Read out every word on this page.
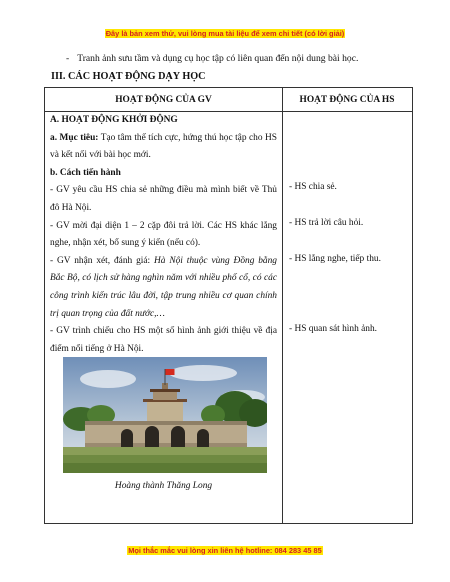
Đây là bản xem thử, vui lòng mua tài liệu để xem chi tiết (có lời giải)
- Tranh ảnh sưu tầm và dụng cụ học tập có liên quan đến nội dung bài học.
III. CÁC HOẠT ĐỘNG DẠY HỌC
HOẠT ĐỘNG CỦA GV	HOẠT ĐỘNG CỦA HS

A. HOẠT ĐỘNG KHỞI ĐỘNG

a. Mục tiêu: Tạo tâm thế tích cực, hứng thú học tập cho HS và kết nối với bài học mới.

b. Cách tiến hành

- GV yêu cầu HS chia sẻ những điều mà mình biết về Thủ đô Hà Nội.

- GV mời đại diện 1 – 2 cặp đôi trả lời. Các HS khác lắng nghe, nhận xét, bổ sung ý kiến (nếu có).

- GV nhận xét, đánh giá: Hà Nội thuộc vùng Đồng bằng Bắc Bộ, có lịch sử hàng nghìn năm với nhiều phố cổ, có các công trình kiến trúc lâu đời, tập trung nhiều cơ quan chính trị quan trọng của đất nước,…

- GV trình chiếu cho HS một số hình ảnh giới thiệu về địa điểm nổi tiếng ở Hà Nội.

Hoàng thành Thăng Long
- HS chia sẻ.
- HS trả lời câu hỏi.
- HS lắng nghe, tiếp thu.
- HS quan sát hình ảnh.
Mọi thắc mắc vui lòng xin liên hệ hotline: 084 283 45 85
